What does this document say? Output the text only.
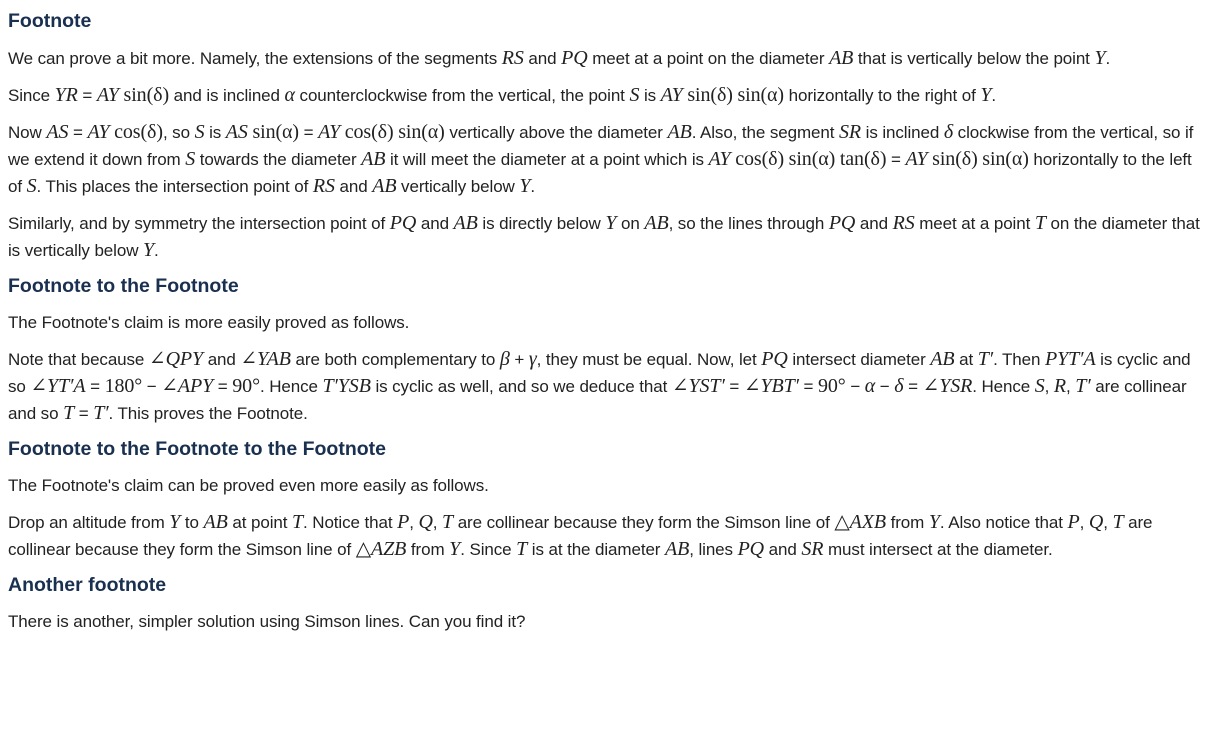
Footnote

We can prove a bit more. Namely, the extensions of the segments RS and PQ meet at a point on the diameter AB that is vertically below the point Y.

Since YR = AY sin(δ) and is inclined α counterclockwise from the vertical, the point S is AY sin(δ) sin(α) horizontally to the right of Y.

Now AS = AY cos(δ), so S is AS sin(α) = AY cos(δ) sin(α) vertically above the diameter AB. Also, the segment SR is inclined δ clockwise from the vertical, so if we extend it down from S towards the diameter AB it will meet the diameter at a point which is AY cos(δ) sin(α) tan(δ) = AY sin(δ) sin(α) horizontally to the left of S. This places the intersection point of RS and AB vertically below Y.

Similarly, and by symmetry the intersection point of PQ and AB is directly below Y on AB, so the lines through PQ and RS meet at a point T on the diameter that is vertically below Y.

Footnote to the Footnote

The Footnote's claim is more easily proved as follows.

Note that because ∠QPY and ∠YAB are both complementary to β + γ, they must be equal. Now, let PQ intersect diameter AB at T′. Then PYT′A is cyclic and so ∠YT′A = 180° − ∠APY = 90°. Hence T′YSB is cyclic as well, and so we deduce that ∠YST′ = ∠YBT′ = 90° − α − δ = ∠YSR. Hence S, R, T′ are collinear and so T = T′. This proves the Footnote.

Footnote to the Footnote to the Footnote

The Footnote's claim can be proved even more easily as follows.

Drop an altitude from Y to AB at point T. Notice that P, Q, T are collinear because they form the Simson line of △AXB from Y. Also notice that P, Q, T are collinear because they form the Simson line of △AZB from Y. Since T is at the diameter AB, lines PQ and SR must intersect at the diameter.

Another footnote

There is another, simpler solution using Simson lines. Can you find it?
